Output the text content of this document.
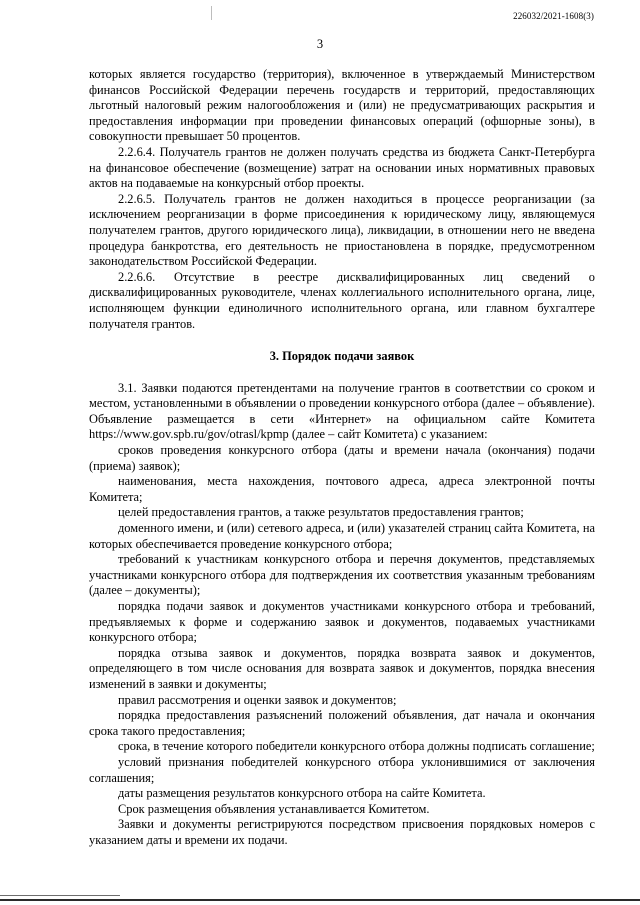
226032/2021-1608(3)
3

которых является государство (территория), включенное в утверждаемый Министерством финансов Российской Федерации перечень государств и территорий, предоставляющих льготный налоговый режим налогообложения и (или) не предусматривающих раскрытия и предоставления информации при проведении финансовых операций (офшорные зоны), в совокупности превышает 50 процентов.

2.2.6.4. Получатель грантов не должен получать средства из бюджета Санкт-Петербурга на финансовое обеспечение (возмещение) затрат на основании иных нормативных правовых актов на подаваемые на конкурсный отбор проекты.

2.2.6.5. Получатель грантов не должен находиться в процессе реорганизации (за исключением реорганизации в форме присоединения к юридическому лицу, являющемуся получателем грантов, другого юридического лица), ликвидации, в отношении него не введена процедура банкротства, его деятельность не приостановлена в порядке, предусмотренном законодательством Российской Федерации.

2.2.6.6. Отсутствие в реестре дисквалифицированных лиц сведений о дисквалифицированных руководителе, членах коллегиального исполнительного органа, лице, исполняющем функции единоличного исполнительного органа, или главном бухгалтере получателя грантов.

3. Порядок подачи заявок

3.1. Заявки подаются претендентами на получение грантов в соответствии со сроком и местом, установленными в объявлении о проведении конкурсного отбора (далее – объявление). Объявление размещается в сети «Интернет» на официальном сайте Комитета https://www.gov.spb.ru/gov/otrasl/kpmp (далее – сайт Комитета) с указанием:

сроков проведения конкурсного отбора (даты и времени начала (окончания) подачи (приема) заявок);

наименования, места нахождения, почтового адреса, адреса электронной почты Комитета;

целей предоставления грантов, а также результатов предоставления грантов;

доменного имени, и (или) сетевого адреса, и (или) указателей страниц сайта Комитета, на которых обеспечивается проведение конкурсного отбора;

требований к участникам конкурсного отбора и перечня документов, представляемых участниками конкурсного отбора для подтверждения их соответствия указанным требованиям (далее – документы);

порядка подачи заявок и документов участниками конкурсного отбора и требований, предъявляемых к форме и содержанию заявок и документов, подаваемых участниками конкурсного отбора;

порядка отзыва заявок и документов, порядка возврата заявок и документов, определяющего в том числе основания для возврата заявок и документов, порядка внесения изменений в заявки и документы;

правил рассмотрения и оценки заявок и документов;

порядка предоставления разъяснений положений объявления, дат начала и окончания срока такого предоставления;

срока, в течение которого победители конкурсного отбора должны подписать соглашение;

условий признания победителей конкурсного отбора уклонившимися от заключения соглашения;

даты размещения результатов конкурсного отбора на сайте Комитета.

Срок размещения объявления устанавливается Комитетом.

Заявки и документы регистрируются посредством присвоения порядковых номеров с указанием даты и времени их подачи.
